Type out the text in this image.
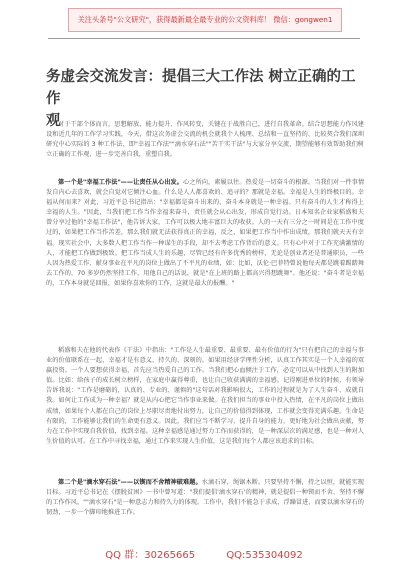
关注头条号"公文研究"，获得最新最全最专业的公文资料库！ 微信：gongwen1
务虚会交流发言：提倡三大工作法 树立正确的工作
观

对于干部个体而言，思想解放、能力提升、作风转变，关键在于战胜自己，进行自我革命。结合思想能力作风建设和近几年的工作学习实践，今天，借这次务虚会交流的机会就我个人梳理、总结和一直坚持的、比较契合我们深圳研究中心实际的 3 种工作法、即"幸福工作法""滴水穿石法""苦干实干法"与大家分享交流，期望能够有效帮助我们树立正确的工作观，进一步完善自我，重塑自我。

第一个是"幸福工作法"——让责任从心出发。心之所向，素履以往。热爱是一切奋斗的根源。当我们对一件事情发自内心去喜欢，就会自觉对它倾注心血。什么是人人都喜欢的、追寻的？那就是幸福。幸福是人生的终极目的。幸福从何而来？对此，习近平总书记指出："幸福都是奋斗出来的，奋斗本身就是一种幸福。只有奋斗的人生才称得上幸福的人生。"因此，当我们把工作当作幸福来奋斗，责任就会从心出发，形成自觉行动。日本知名企业家稻盛和夫曾分享过他的"幸福工作法"，他告诉大家，工作可以极大地丰富巨大的收获。人的一天有三分之一时间是在工作中度过的，如果把工作当作苦差，那么我们就无法获得真正的幸福，反之，如果把工作当中作出成绩，那我们就天天有幸福。现实社会中，大多数人把工作当作一种谋生的手段，却不去考虑工作背后的意义。只有心中对于工作充满激情的人，才能把工作做到极致。把工作当成人生的乐趣，尽管已经有许多优秀的榜样，无论是创业者还是普通职员，一些人因为热爱工作、献身事业在平凡的岗位上做出了不平凡的业绩，如：比如，沃伦·巴菲特曾说他每天都是跳着踢踏舞去工作的，70 多岁仍然坚持工作，用他自己的话说，就是"在上班的路上都高兴得想跳舞"。他还说："奋斗者是幸福的，工作本身就是回报，如果你喜欢你的工作，这就是最大的报酬。"

稻盛和夫在他的代表作《干法》中指出："工作是人生最重要、最重要、最有价值的行为"只有把自己的幸福与事业的价值联系在一起，幸福才是有意义、持久的、深刻的。如果用经济学理性分析，认真工作其实是一个人幸福的双赢投资。一个人要想获得幸福，首先应当热爱自己的工作。当我们把心血倾注于工作，必定可以从中找到人生的附加值。比如：给孩子的成长树立榜样，在家庭中赢得尊重，也让自己收获满满的幸福感。记得刚进单位的时候，有领导告诉我说："工作是磨砺的，认真的、专业的、谨慎的"这句话对我影响很大，工作的过程就是为了人生奋斗、成就自我。如何让工作成为一种幸福？就是从内心把它当作事业来做。在我们担当的事业中投入热情，在平凡的岗位上做出成绩，如果每个人都在自己的岗位上尽职尽责地付出努力，让自己的价值得到体现，工作就会变得充满乐趣。生命是有限的，工作能够让我们的生命更有意义。因此，我们应当不断学习，提升自身的能力，更好地为社会做出贡献，努力在工作中实现自我价值，找到幸福。这种幸福感是通过努力工作而获得的，是一种深层次的满足感，也是一种对人生价值的认可。在工作中寻找幸福，通过工作来实现人生价值，这是我们每个人都应该追求的目标。

第二个是"滴水穿石法"——以锲而不舍精神破难题。水滴石穿，绳锯木断。只要坚持不懈，持之以恒，就能实现目标。习近平总书记在《摆脱贫困》一书中曾写道："我们提倡'滴水穿石'的精神，就是提倡一种锲而不舍、坚持不懈的工作作风。""滴水穿石"是一种意志力和持久力的体现。工作中，我们不能急于求成、浮躁冒进，而要以滴水穿石的韧劲，一步一个脚印地推进工作。

QQ 群：30265665	QQ:535304092
